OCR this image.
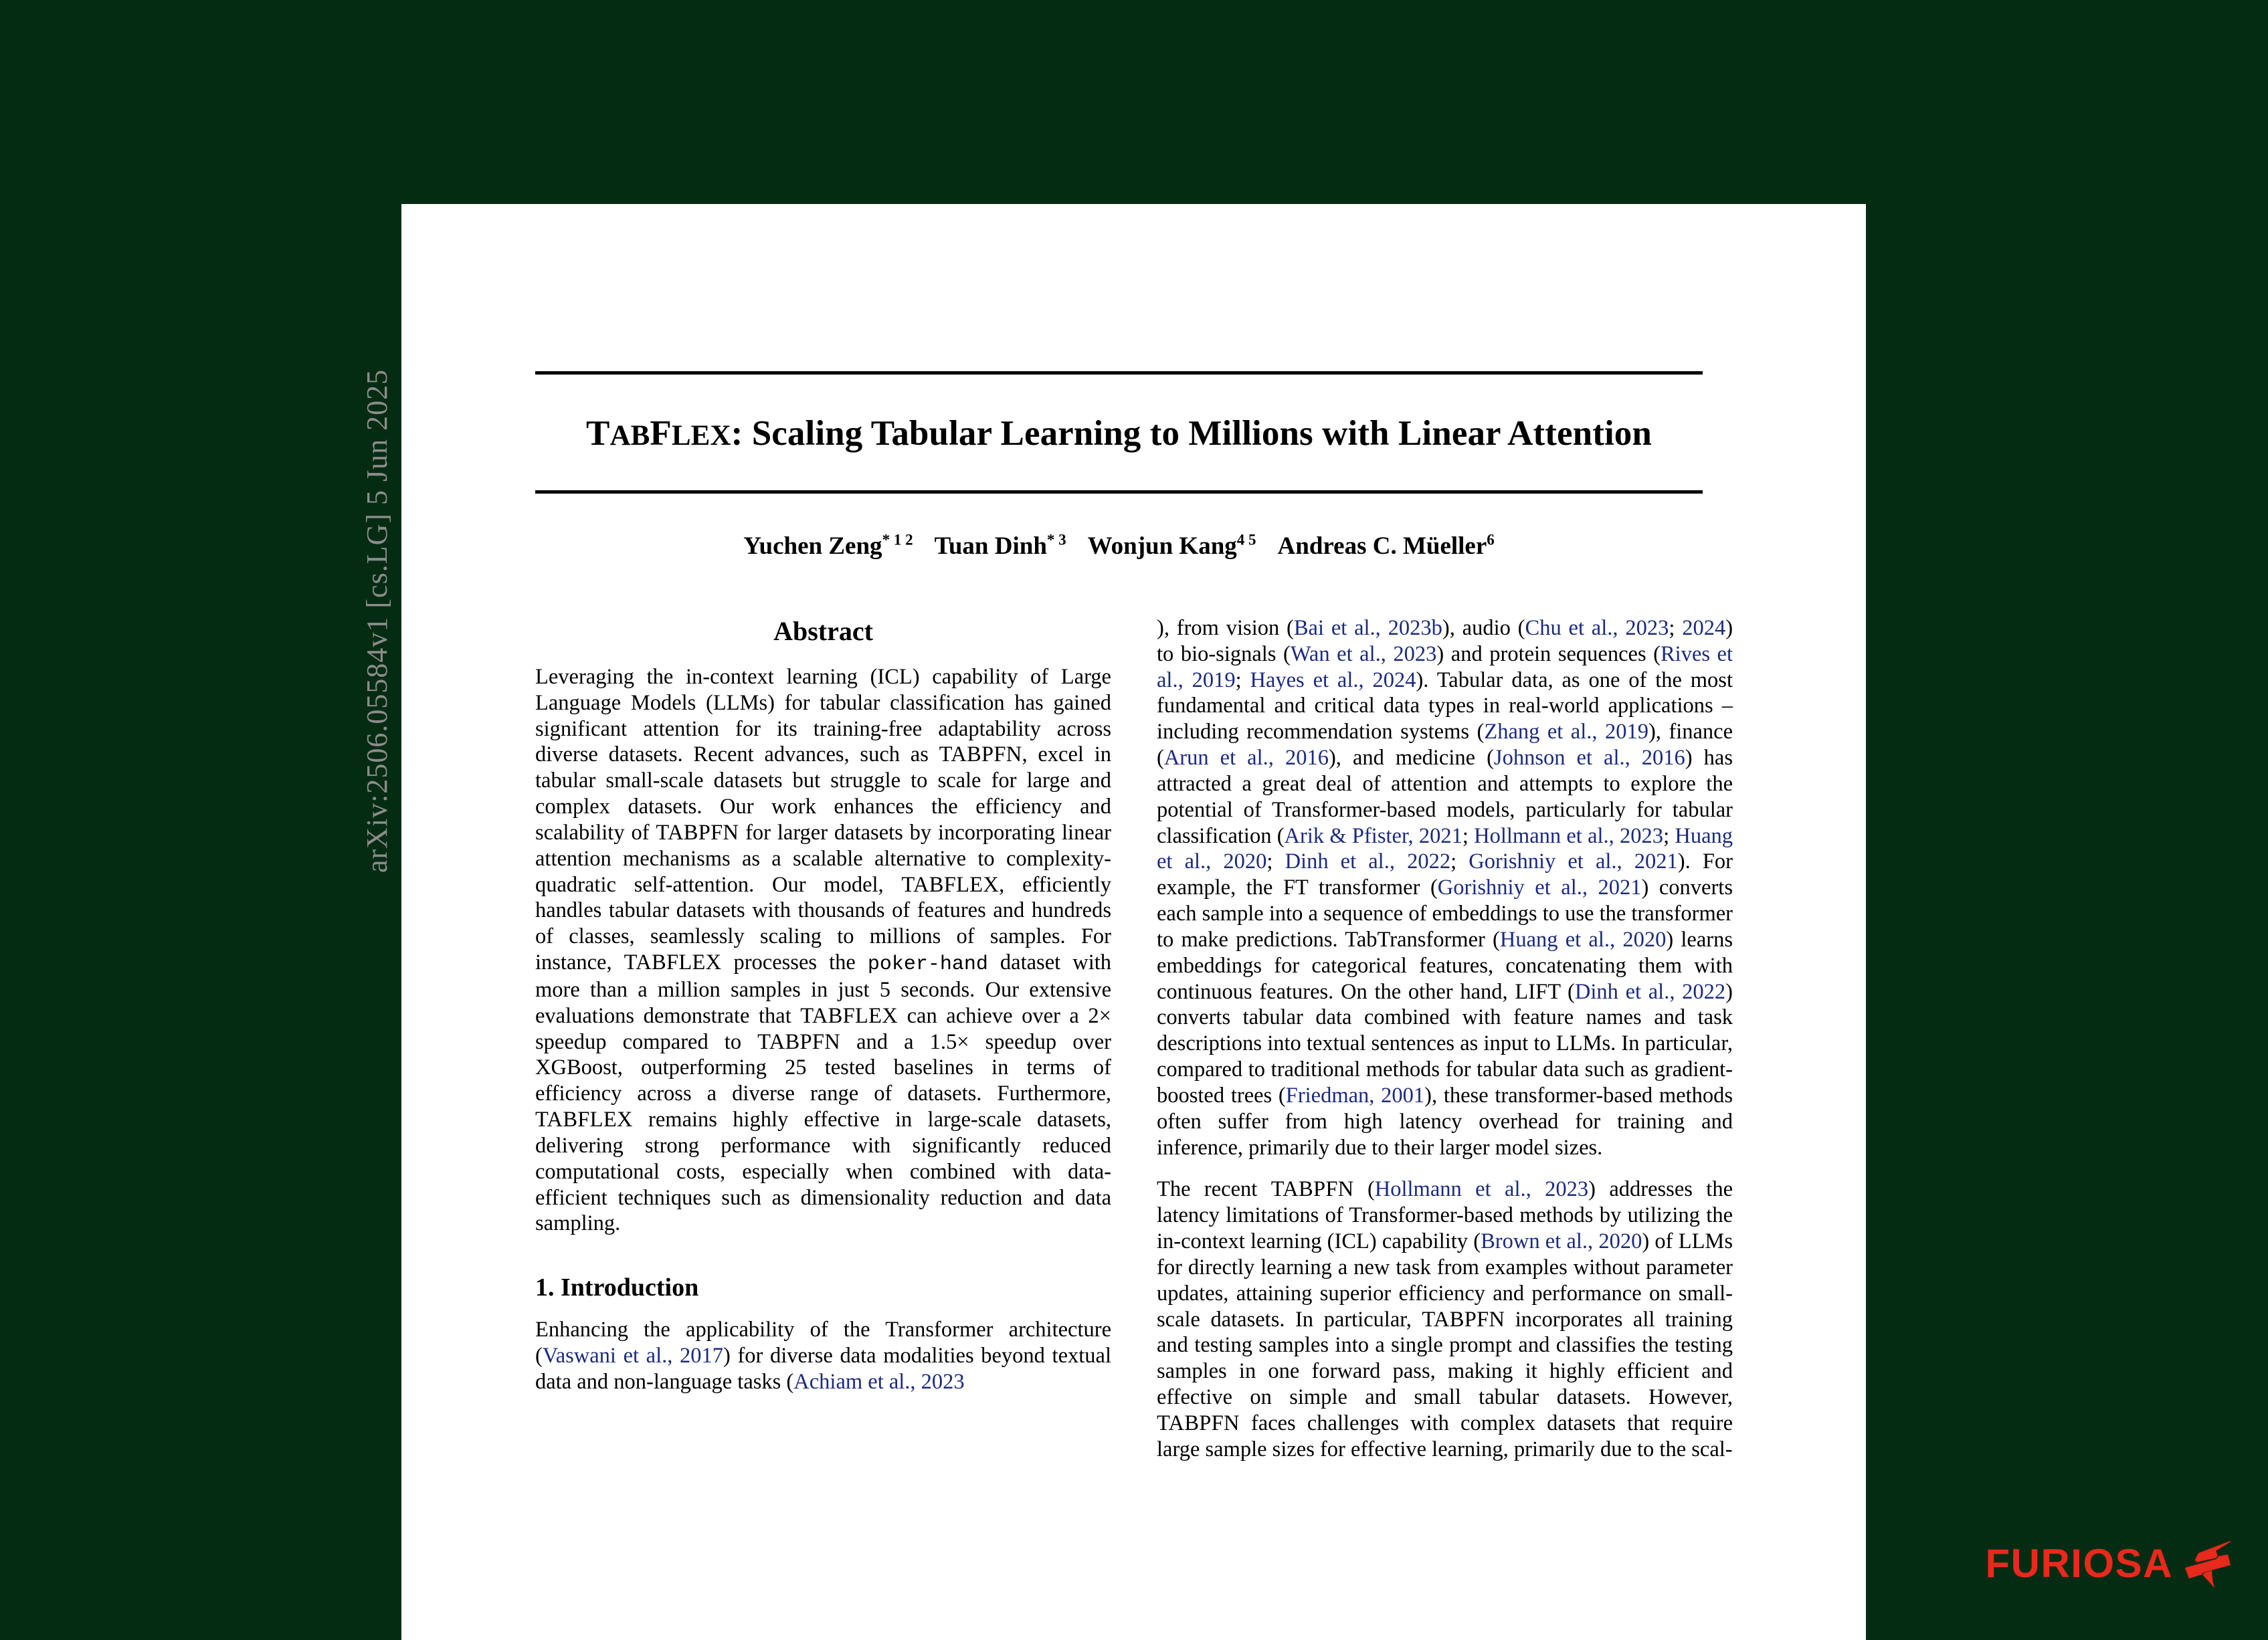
arXiv:2506.05584v1 [cs.LG] 5 Jun 2025	TABFLEX: Scaling Tabular Learning to Millions with Linear Attention
Yuchen Zeng$^{* 1 2}$ Tuan Dinh$^{* 3}$ Wonjun Kang$^{4 5}$ Andreas C. Müeller$^6$
Abstract
Leveraging the in-context learning (ICL) capability of Large Language Models (LLMs) for tabular classification has gained significant attention for its training-free adaptability across diverse datasets. Recent advances, such as TABPFN, excel in tabular small-scale datasets but struggle to scale for large and complex datasets. Our work enhances the efficiency and scalability of TABPFN for larger datasets by incorporating linear attention mechanisms as a scalable alternative to complexity-quadratic self-attention. Our model, TABFLEX, efficiently handles tabular datasets with thousands of features and hundreds of classes, seamlessly scaling to millions of samples. For instance, TABFLEX processes the poker-hand dataset with more than a million samples in just 5 seconds. Our extensive evaluations demonstrate that TABFLEX can achieve over a 2× speedup compared to TABPFN and a 1.5× speedup over XGBoost, outperforming 25 tested baselines in terms of efficiency across a diverse range of datasets. Furthermore, TABFLEX remains highly effective in large-scale datasets, delivering strong performance with significantly reduced computational costs, especially when combined with data-efficient techniques such as dimensionality reduction and data sampling.
1. Introduction
Enhancing the applicability of the Transformer architecture (Vaswani et al., 2017) for diverse data modalities beyond textual data and non-language tasks (Achiam et al., 2023
), from vision (Bai et al., 2023b), audio (Chu et al., 2023; 2024) to bio-signals (Wan et al., 2023) and protein sequences (Rives et al., 2019; Hayes et al., 2024). Tabular data, as one of the most fundamental and critical data types in real-world applications – including recommendation systems (Zhang et al., 2019), finance (Arun et al., 2016), and medicine (Johnson et al., 2016) has attracted a great deal of attention and attempts to explore the potential of Transformer-based models, particularly for tabular classification (Arik & Pfister, 2021; Hollmann et al., 2023; Huang et al., 2020; Dinh et al., 2022; Gorishniy et al., 2021). For example, the FT transformer (Gorishniy et al., 2021) converts each sample into a sequence of embeddings to use the transformer to make predictions. TabTransformer (Huang et al., 2020) learns embeddings for categorical features, concatenating them with continuous features. On the other hand, LIFT (Dinh et al., 2022) converts tabular data combined with feature names and task descriptions into textual sentences as input to LLMs. In particular, compared to traditional methods for tabular data such as gradient-boosted trees (Friedman, 2001), these transformer-based methods often suffer from high latency overhead for training and inference, primarily due to their larger model sizes.
The recent TABPFN (Hollmann et al., 2023) addresses the latency limitations of Transformer-based methods by utilizing the in-context learning (ICL) capability (Brown et al., 2020) of LLMs for directly learning a new task from examples without parameter updates, attaining superior efficiency and performance on small-scale datasets. In particular, TABPFN incorporates all training and testing samples into a single prompt and classifies the testing samples in one forward pass, making it highly efficient and effective on simple and small tabular datasets. However, TABPFN faces challenges with complex datasets that require large sample sizes for effective learning, primarily due to the scal-
FURIOSA
